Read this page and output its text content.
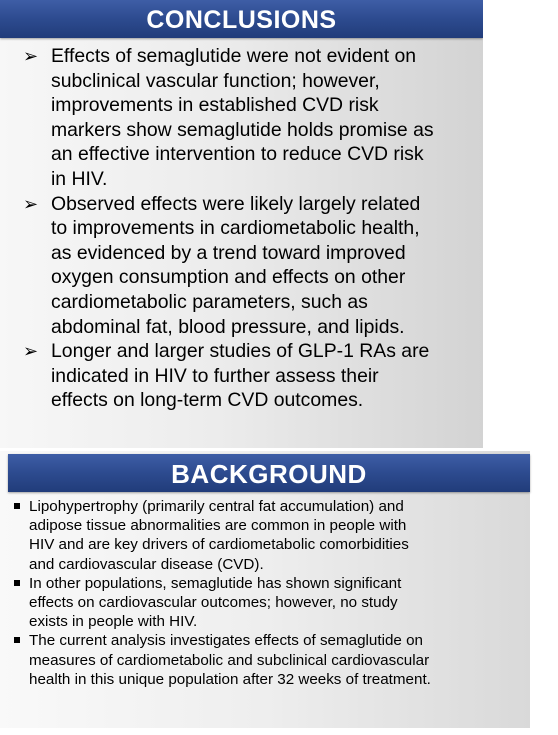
CONCLUSIONS
➢ Effects of semaglutide were not evident on
subclinical vascular function; however,
improvements in established CVD risk
markers show semaglutide holds promise as
an effective intervention to reduce CVD risk
in HIV.
➢ Observed effects were likely largely related
to improvements in cardiometabolic health,
as evidenced by a trend toward improved
oxygen consumption and effects on other
cardiometabolic parameters, such as
abdominal fat, blood pressure, and lipids.
➢ Longer and larger studies of GLP-1 RAs are
indicated in HIV to further assess their
effects on long-term CVD outcomes.
BACKGROUND
Lipohypertrophy (primarily central fat accumulation) and
adipose tissue abnormalities are common in people with
HIV and are key drivers of cardiometabolic comorbidities
and cardiovascular disease (CVD).
In other populations, semaglutide has shown significant
effects on cardiovascular outcomes; however, no study
exists in people with HIV.
The current analysis investigates effects of semaglutide on
measures of cardiometabolic and subclinical cardiovascular
health in this unique population after 32 weeks of treatment.
